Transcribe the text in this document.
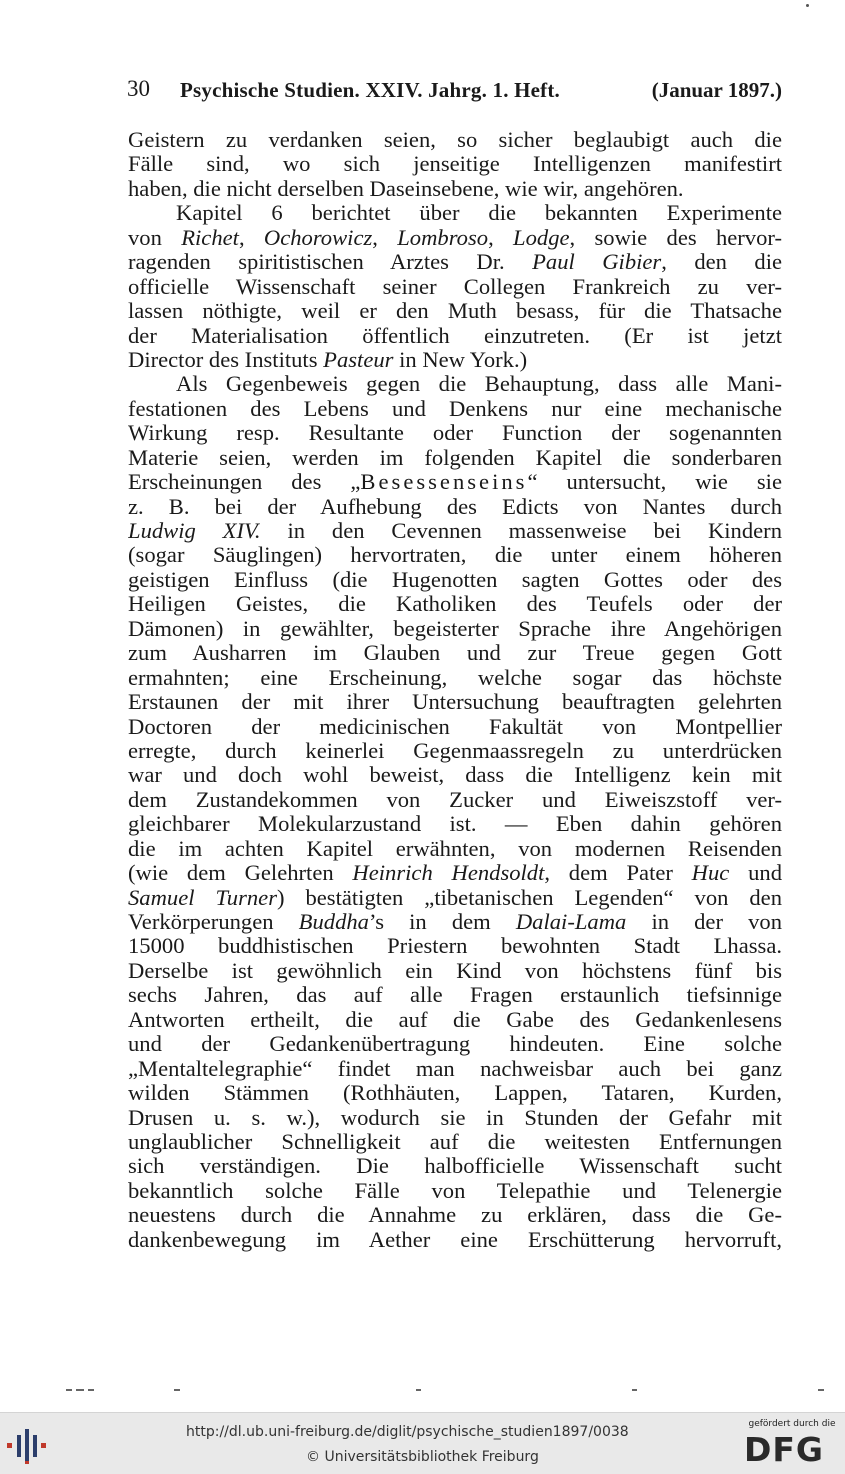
30 Psychische Studien. XXIV. Jahrg. 1. Heft.	(Januar 1897.)
Geistern zu verdanken seien, so sicher beglaubigt auch die
Fälle sind, wo sich jenseitige Intelligenzen manifestirt
haben, die nicht derselben Daseinsebene, wie wir, angehören.
Kapitel 6 berichtet über die bekannten Experimente
von Richet, Ochorowicz, Lombroso, Lodge, sowie des hervor-
ragenden spiritistischen Arztes Dr. Paul Gibier, den die
officielle Wissenschaft seiner Collegen Frankreich zu ver-
lassen nöthigte, weil er den Muth besass, für die Thatsache
der Materialisation öffentlich einzutreten. (Er ist jetzt
Director des Instituts Pasteur in New York.)
Als Gegenbeweis gegen die Behauptung, dass alle Mani-
festationen des Lebens und Denkens nur eine mechanische
Wirkung resp. Resultante oder Function der sogenannten
Materie seien, werden im folgenden Kapitel die sonderbaren
Erscheinungen des „Besessenseins“ untersucht, wie sie
z. B. bei der Aufhebung des Edicts von Nantes durch
Ludwig XIV. in den Cevennen massenweise bei Kindern
(sogar Säuglingen) hervortraten, die unter einem höheren
geistigen Einfluss (die Hugenotten sagten Gottes oder des
Heiligen Geistes, die Katholiken des Teufels oder der
Dämonen) in gewählter, begeisterter Sprache ihre Angehörigen
zum Ausharren im Glauben und zur Treue gegen Gott
ermahnten; eine Erscheinung, welche sogar das höchste
Erstaunen der mit ihrer Untersuchung beauftragten gelehrten
Doctoren der medicinischen Fakultät von Montpellier
erregte, durch keinerlei Gegenmaassregeln zu unterdrücken
war und doch wohl beweist, dass die Intelligenz kein mit
dem Zustandekommen von Zucker und Eiweiszstoff ver-
gleichbarer Molekularzustand ist. — Eben dahin gehören
die im achten Kapitel erwähnten, von modernen Reisenden
(wie dem Gelehrten Heinrich Hendsoldt, dem Pater Huc und
Samuel Turner) bestätigten „tibetanischen Legenden“ von den
Verkörperungen Buddha’s in dem Dalai-Lama in der von
15000 buddhistischen Priestern bewohnten Stadt Lhassa.
Derselbe ist gewöhnlich ein Kind von höchstens fünf bis
sechs Jahren, das auf alle Fragen erstaunlich tiefsinnige
Antworten ertheilt, die auf die Gabe des Gedankenlesens
und der Gedankenübertragung hindeuten. Eine solche
„Mentaltelegraphie“ findet man nachweisbar auch bei ganz
wilden Stämmen (Rothhäuten, Lappen, Tataren, Kurden,
Drusen u. s. w.), wodurch sie in Stunden der Gefahr mit
unglaublicher Schnelligkeit auf die weitesten Entfernungen
sich verständigen. Die halbofficielle Wissenschaft sucht
bekanntlich solche Fälle von Telepathie und Telenergie
neuestens durch die Annahme zu erklären, dass die Ge-
dankenbewegung im Aether eine Erschütterung hervorruft,
http://dl.ub.uni-freiburg.de/diglit/psychische_studien1897/0038
© Universitätsbibliothek Freiburg
gefördert durch die
DFG
